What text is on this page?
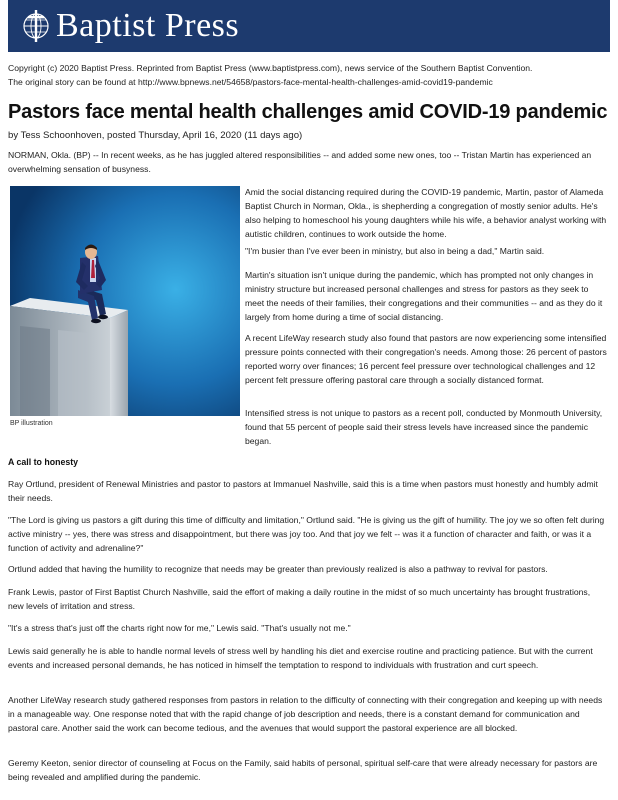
Baptist Press
Copyright (c) 2020 Baptist Press. Reprinted from Baptist Press (www.baptistpress.com), news service of the Southern Baptist Convention.
The original story can be found at http://www.bpnews.net/54658/pastors-face-mental-health-challenges-amid-covid19-pandemic
Pastors face mental health challenges amid COVID-19 pandemic
by Tess Schoonhoven, posted Thursday, April 16, 2020 (11 days ago)

NORMAN, Okla. (BP) -- In recent weeks, as he has juggled altered responsibilities -- and added some new ones, too -- Tristan Martin has experienced an overwhelming sensation of busyness.

BP illustration

Amid the social distancing required during the COVID-19 pandemic, Martin, pastor of Alameda Baptist Church in Norman, Okla., is shepherding a congregation of mostly senior adults. He's also helping to homeschool his young daughters while his wife, a behavior analyst working with autistic children, continues to work outside the home.

"I'm busier than I've ever been in ministry, but also in being a dad," Martin said.

Martin's situation isn't unique during the pandemic, which has prompted not only changes in ministry structure but increased personal challenges and stress for pastors as they seek to meet the needs of their families, their congregations and their communities -- and as they do it largely from home during a time of social distancing.

A recent LifeWay research study also found that pastors are now experiencing some intensified pressure points connected with their congregation's needs. Among those: 26 percent of pastors reported worry over finances; 16 percent feel pressure over technological challenges and 12 percent felt pressure offering pastoral care through a socially distanced format.

Intensified stress is not unique to pastors as a recent poll, conducted by Monmouth University, found that 55 percent of people said their stress levels have increased since the pandemic began.

A call to honesty

Ray Ortlund, president of Renewal Ministries and pastor to pastors at Immanuel Nashville, said this is a time when pastors must honestly and humbly admit their needs.

"The Lord is giving us pastors a gift during this time of difficulty and limitation," Ortlund said. "He is giving us the gift of humility. The joy we so often felt during active ministry -- yes, there was stress and disappointment, but there was joy too. And that joy we felt -- was it a function of character and faith, or was it a function of activity and adrenaline?"

Ortlund added that having the humility to recognize that needs may be greater than previously realized is also a pathway to revival for pastors.

Frank Lewis, pastor of First Baptist Church Nashville, said the effort of making a daily routine in the midst of so much uncertainty has brought frustrations, new levels of irritation and stress.

"It's a stress that's just off the charts right now for me," Lewis said. "That's usually not me."

Lewis said generally he is able to handle normal levels of stress well by handling his diet and exercise routine and practicing patience. But with the current events and increased personal demands, he has noticed in himself the temptation to respond to individuals with frustration and curt speech.

Another LifeWay research study gathered responses from pastors in relation to the difficulty of connecting with their congregation and keeping up with needs in a manageable way. One response noted that with the rapid change of job description and needs, there is a constant demand for communication and pastoral care. Another said the work can become tedious, and the avenues that would support the pastoral experience are all blocked.

Geremy Keeton, senior director of counseling at Focus on the Family, said habits of personal, spiritual self-care that were already necessary for pastors are being revealed and amplified during the pandemic.
